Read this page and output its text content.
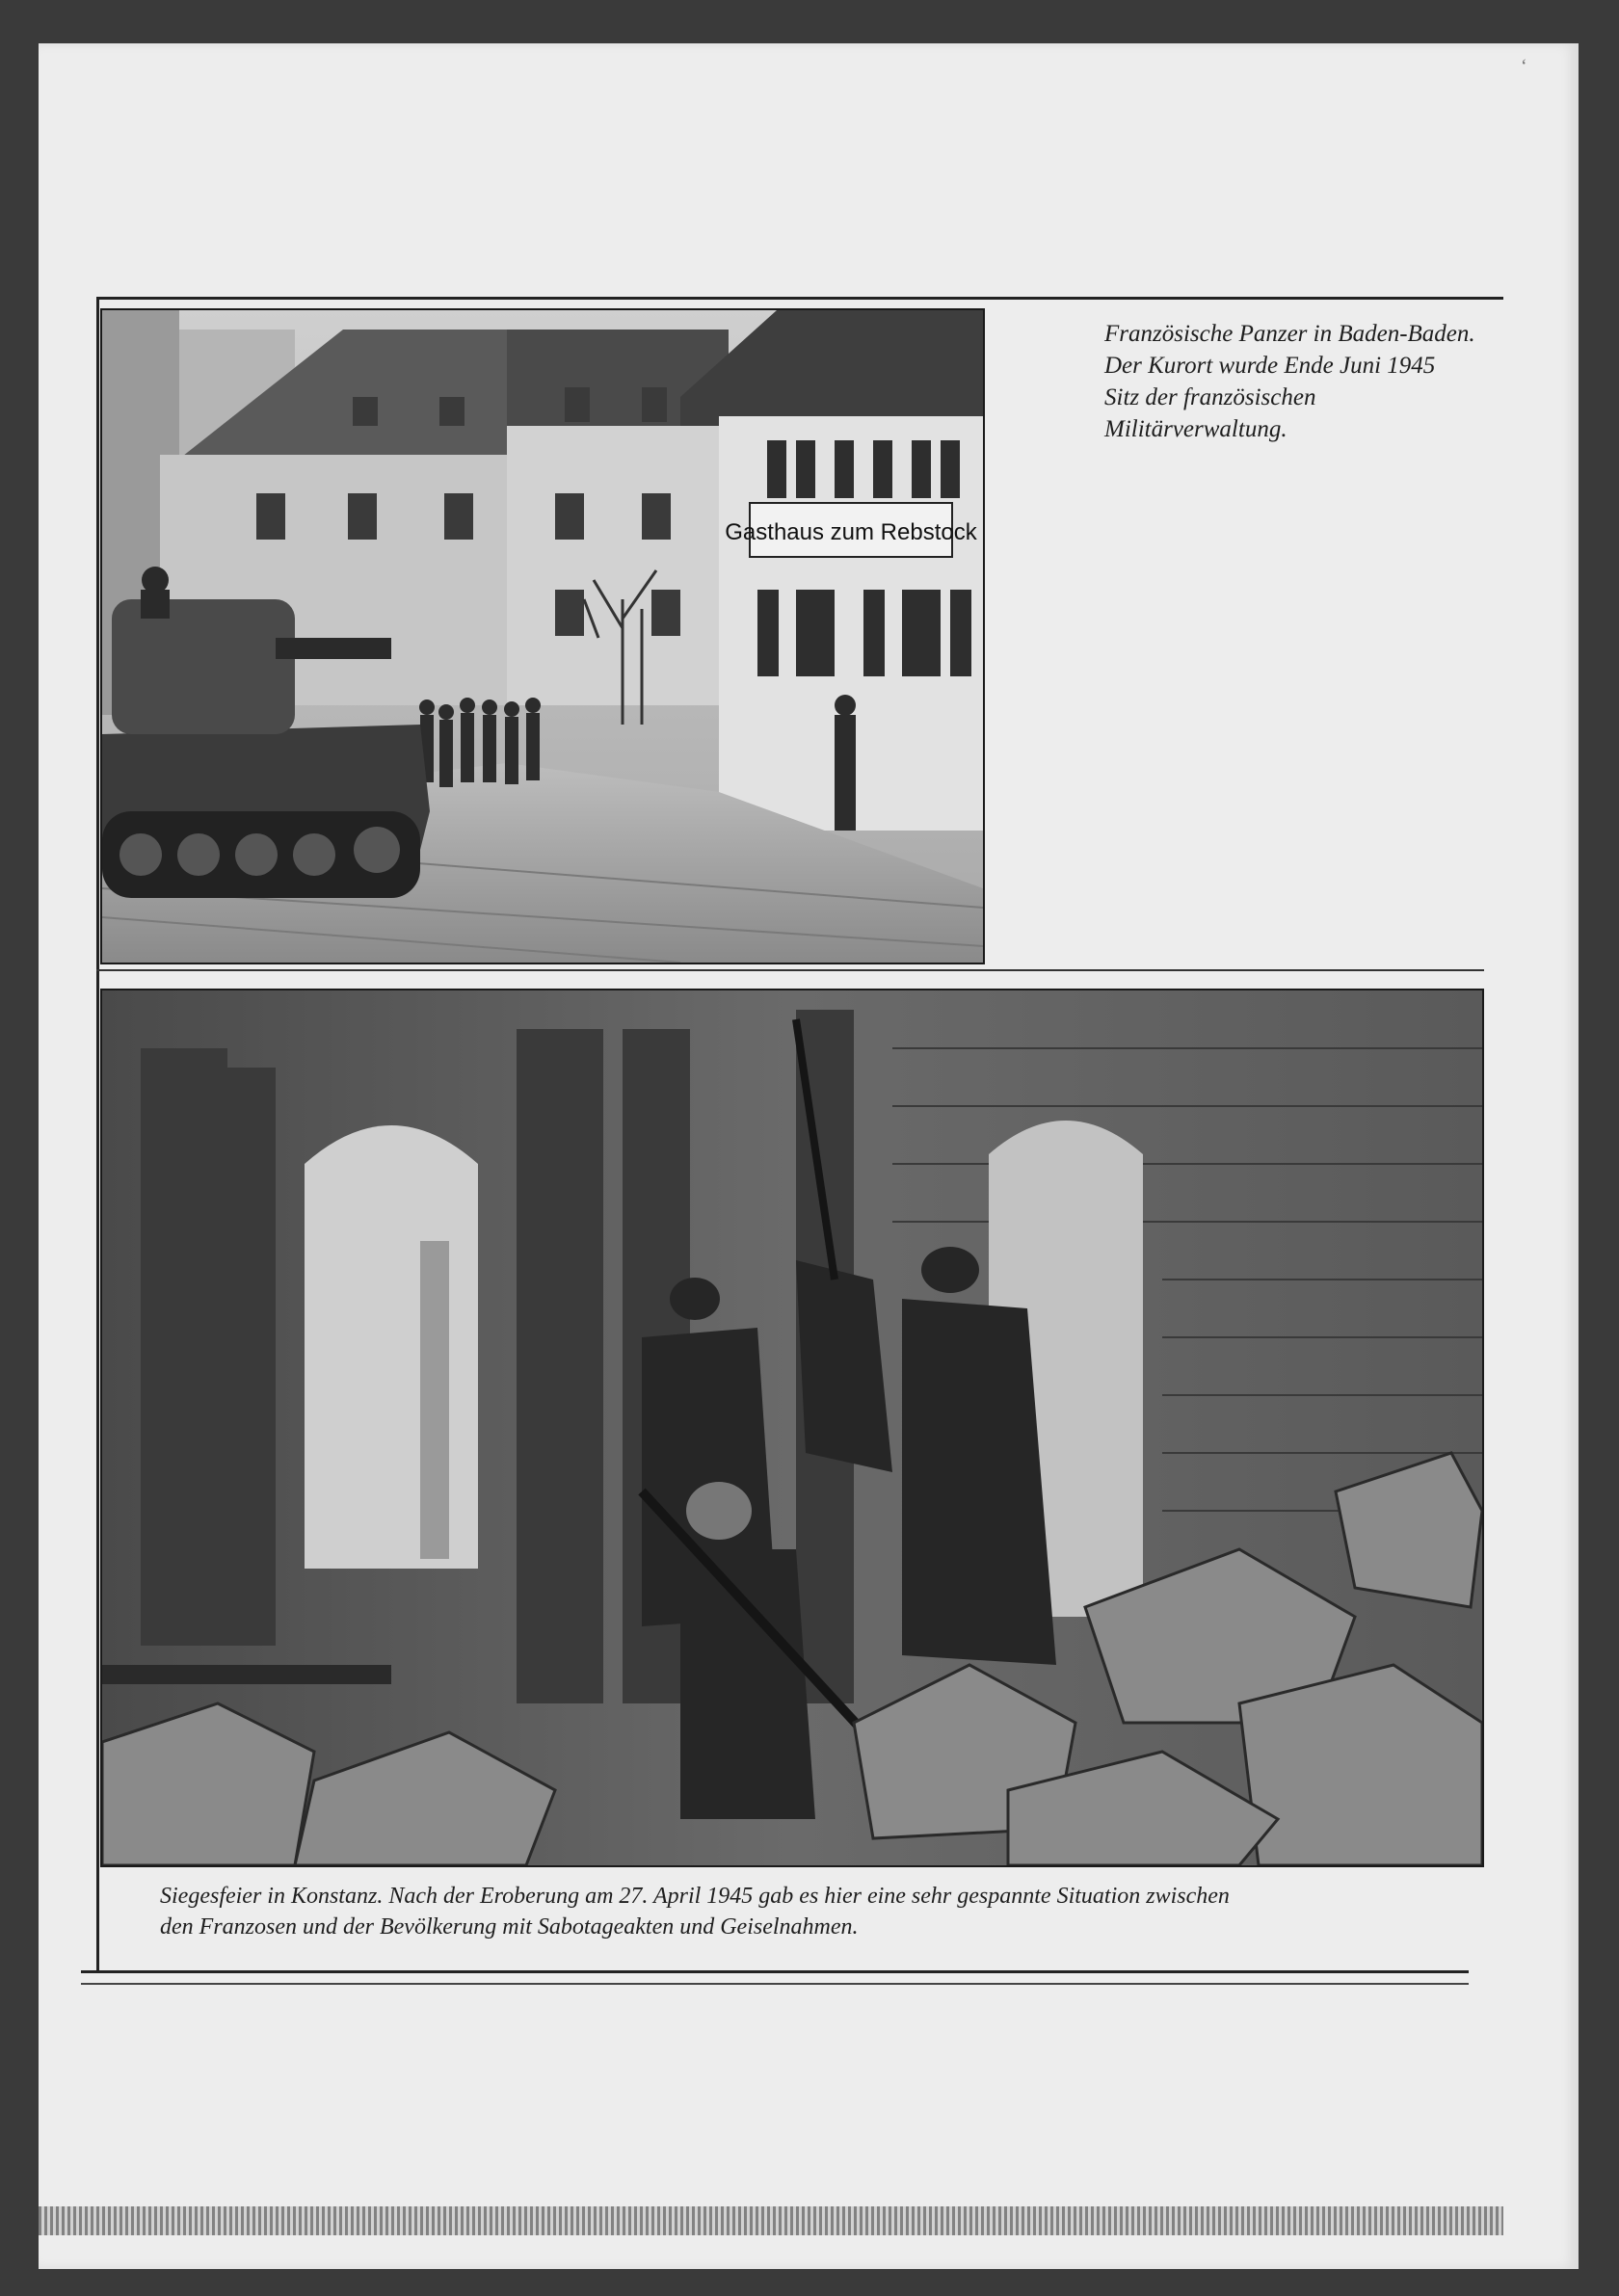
ʻ
Gasthaus zum Rebstock
Französische Panzer in Baden-Baden.
Der Kurort wurde Ende Juni 1945
Sitz der französischen
Militärverwaltung.
Siegesfeier in Konstanz. Nach der Eroberung am 27. April 1945 gab es hier eine sehr gespannte Situation zwischen
den Franzosen und der Bevölkerung mit Sabotageakten und Geiselnahmen.
